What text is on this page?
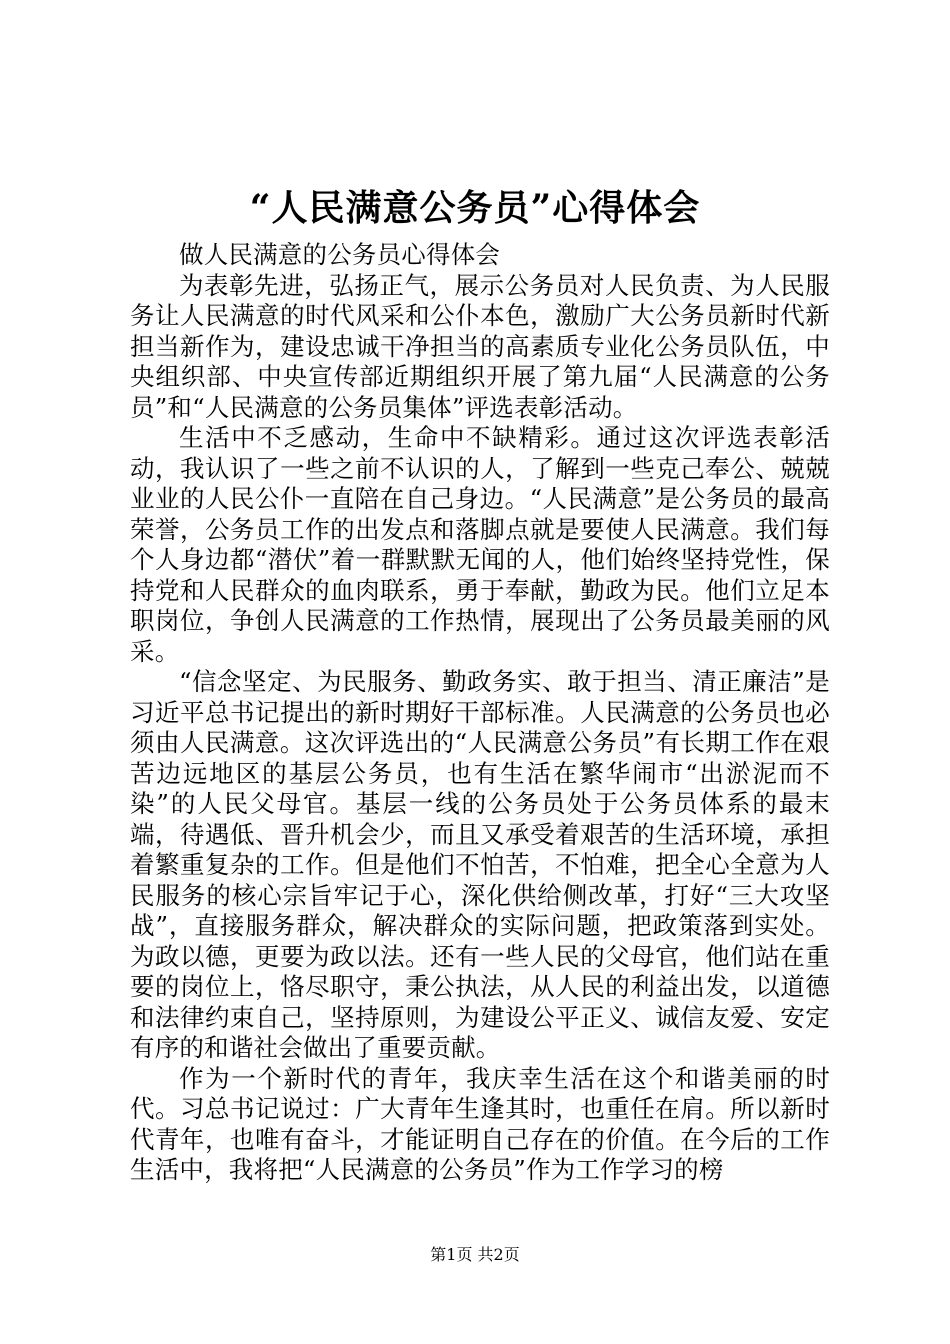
“人民满意公务员”心得体会

做人民满意的公务员心得体会

为表彰先进，弘扬正气，展示公务员对人民负责、为人民服务让人民满意的时代风采和公仆本色，激励广大公务员新时代新担当新作为，建设忠诚干净担当的高素质专业化公务员队伍，中央组织部、中央宣传部近期组织开展了第九届“人民满意的公务员”和“人民满意的公务员集体”评选表彰活动。

生活中不乏感动，生命中不缺精彩。通过这次评选表彰活动，我认识了一些之前不认识的人，了解到一些克己奉公、兢兢业业的人民公仆一直陪在自己身边。“人民满意”是公务员的最高荣誉，公务员工作的出发点和落脚点就是要使人民满意。我们每个人身边都“潜伏”着一群默默无闻的人，他们始终坚持党性，保持党和人民群众的血肉联系，勇于奉献，勤政为民。他们立足本职岗位，争创人民满意的工作热情，展现出了公务员最美丽的风采。

“信念坚定、为民服务、勤政务实、敢于担当、清正廉洁”是习近平总书记提出的新时期好干部标准。人民满意的公务员也必须由人民满意。这次评选出的“人民满意公务员”有长期工作在艰苦边远地区的基层公务员，也有生活在繁华闹市“出淤泥而不染”的人民父母官。基层一线的公务员处于公务员体系的最末端，待遇低、晋升机会少，而且又承受着艰苦的生活环境，承担着繁重复杂的工作。但是他们不怕苦，不怕难，把全心全意为人民服务的核心宗旨牢记于心，深化供给侧改革，打好“三大攻坚战”，直接服务群众，解决群众的实际问题，把政策落到实处。为政以德，更要为政以法。还有一些人民的父母官，他们站在重要的岗位上，恪尽职守，秉公执法，从人民的利益出发，以道德和法律约束自己，坚持原则，为建设公平正义、诚信友爱、安定有序的和谐社会做出了重要贡献。

作为一个新时代的青年，我庆幸生活在这个和谐美丽的时代。习总书记说过：广大青年生逢其时，也重任在肩。所以新时代青年，也唯有奋斗，才能证明自己存在的价值。在今后的工作生活中，我将把“人民满意的公务员”作为工作学习的榜

第1页 共2页
